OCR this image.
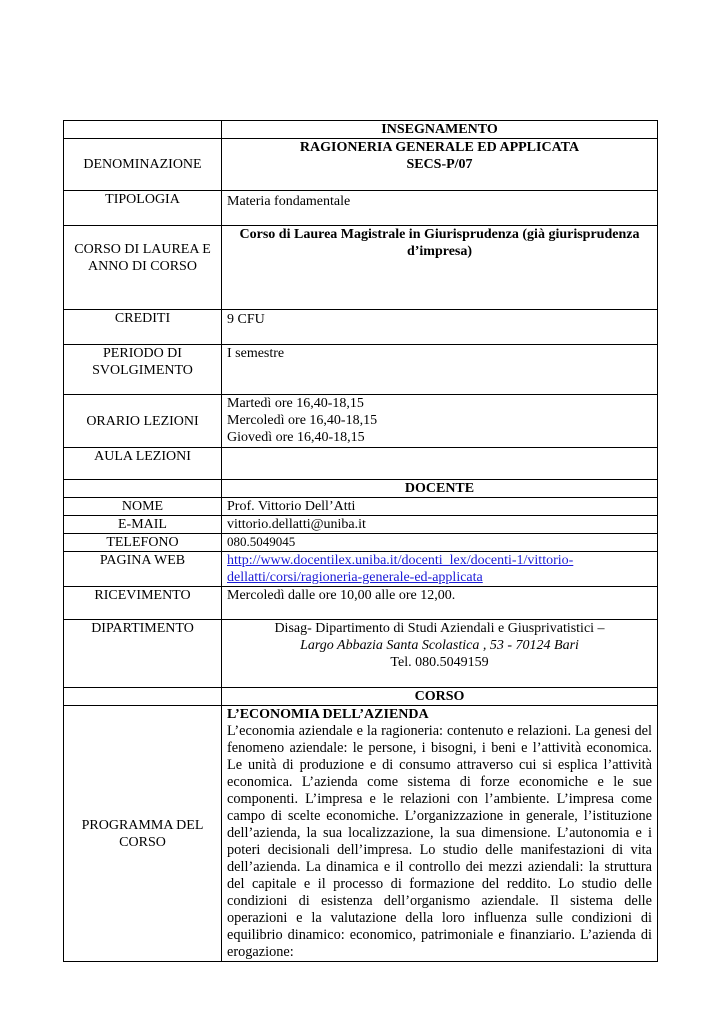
	INSEGNAMENTO
DENOMINAZIONE	RAGIONERIA GENERALE ED APPLICATA
SECS-P/07

TIPOLOGIA	Materia fondamentale

CORSO DI LAUREA E
ANNO DI CORSO	Corso di Laurea Magistrale in Giurisprudenza (già giurisprudenza d’impresa)
CREDITI	9 CFU

PERIODO DI
SVOLGIMENTO	I semestre
ORARIO LEZIONI	Martedì ore 16,40-18,15
Mercoledì ore 16,40-18,15
Giovedì ore 16,40-18,15

AULA LEZIONI	
	DOCENTE
NOME	Prof. Vittorio Dell’Atti
E-MAIL	vittorio.dellatti@uniba.it
TELEFONO	080.5049045
PAGINA WEB	http://www.docentilex.uniba.it/docenti_lex/docenti-1/vittorio-
dellatti/corsi/ragioneria-generale-ed-applicata

RICEVIMENTO	Mercoledì dalle ore 10,00 alle ore 12,00.
DIPARTIMENTO	Disag- Dipartimento di Studi Aziendali e Giusprivatistici –
Largo Abbazia Santa Scolastica , 53 - 70124 Bari
Tel. 080.5049159

	CORSO

PROGRAMMA DEL
CORSO	L’ECONOMIA DELL’AZIENDA
L’economia aziendale e la ragioneria: contenuto e relazioni. La genesi del fenomeno aziendale: le persone, i bisogni, i beni e l’attività economica. Le unità di produzione e di consumo attraverso cui si esplica l’attività economica. L’azienda come sistema di forze economiche e le sue componenti. L’impresa e le relazioni con l’ambiente. L’impresa come campo di scelte economiche. L’organizzazione in generale, l’istituzione dell’azienda, la sua localizzazione, la sua dimensione. L’autonomia e i poteri decisionali dell’impresa. Lo studio delle manifestazioni di vita dell’azienda. La dinamica e il controllo dei mezzi aziendali: la struttura del capitale e il processo di formazione del reddito. Lo studio delle condizioni di esistenza dell’organismo aziendale. Il sistema delle operazioni e la valutazione della loro influenza sulle condizioni di equilibrio dinamico: economico, patrimoniale e finanziario. L’azienda di erogazione:
